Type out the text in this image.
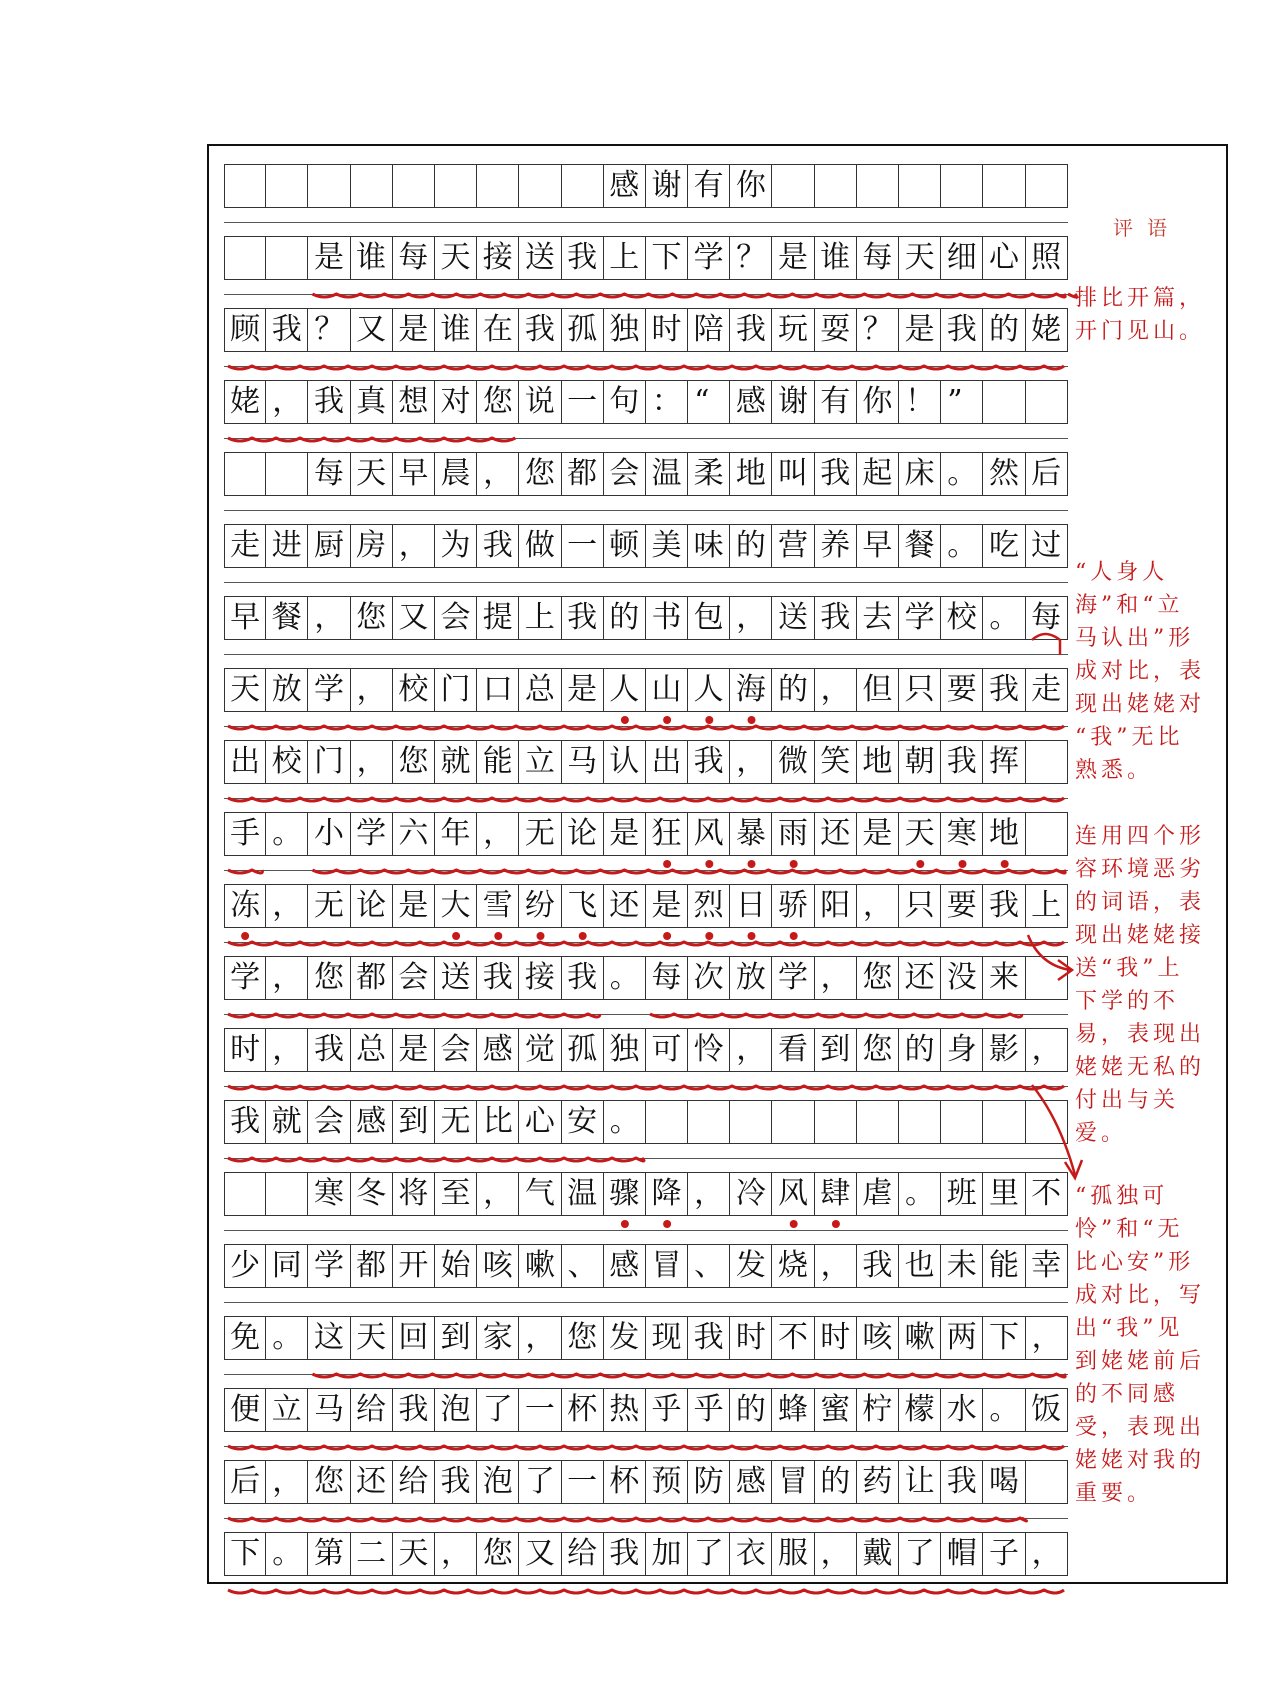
感 谢 有 你
是 谁 每 天 接 送 我 上 下 学 ？ 是 谁 每 天 细 心 照
顾 我 ？ 又 是 谁 在 我 孤 独 时 陪 我 玩 耍 ？ 是 我 的 姥
姥 ， 我 真 想 对 您 说 一 句 ： “ 感 谢 有 你 ！ ”
每 天 早 晨 ， 您 都 会 温 柔 地 叫 我 起 床 。 然 后
走 进 厨 房 ， 为 我 做 一 顿 美 味 的 营 养 早 餐 。 吃 过
早 餐 ， 您 又 会 提 上 我 的 书 包 ， 送 我 去 学 校 。 每
天 放 学 ， 校 门 口 总 是 人 山 人 海 的 ， 但 只 要 我 走
出 校 门 ， 您 就 能 立 马 认 出 我 ， 微 笑 地 朝 我 挥
手 。 小 学 六 年 ， 无 论 是 狂 风 暴 雨 还 是 天 寒 地
冻 ， 无 论 是 大 雪 纷 飞 还 是 烈 日 骄 阳 ， 只 要 我 上
学 ， 您 都 会 送 我 接 我 。 每 次 放 学 ， 您 还 没 来
时 ， 我 总 是 会 感 觉 孤 独 可 怜 ， 看 到 您 的 身 影 ，
我 就 会 感 到 无 比 心 安 。
寒 冬 将 至 ， 气 温 骤 降 ， 冷 风 肆 虐 。 班 里 不
少 同 学 都 开 始 咳 嗽 、 感 冒 、 发 烧 ， 我 也 未 能 幸
免 。 这 天 回 到 家 ， 您 发 现 我 时 不 时 咳 嗽 两 下 ，
便 立 马 给 我 泡 了 一 杯 热 乎 乎 的 蜂 蜜 柠 檬 水 。 饭
后 ， 您 还 给 我 泡 了 一 杯 预 防 感 冒 的 药 让 我 喝
下 。 第 二 天 ， 您 又 给 我 加 了 衣 服 ， 戴 了 帽 子 ，
评语
排比开篇，
开门见山。
“人身人
海”和“立
马认出”形
成对比，表
现出姥姥对
“我”无比
熟悉。
连用四个形
容环境恶劣
的词语，表
现出姥姥接
送“我”上
下学的不
易，表现出
姥姥无私的
付出与关
爱。
“孤独可
怜”和“无
比心安”形
成对比，写
出“我”见
到姥姥前后
的不同感
受，表现出
姥姥对我的
重要。
